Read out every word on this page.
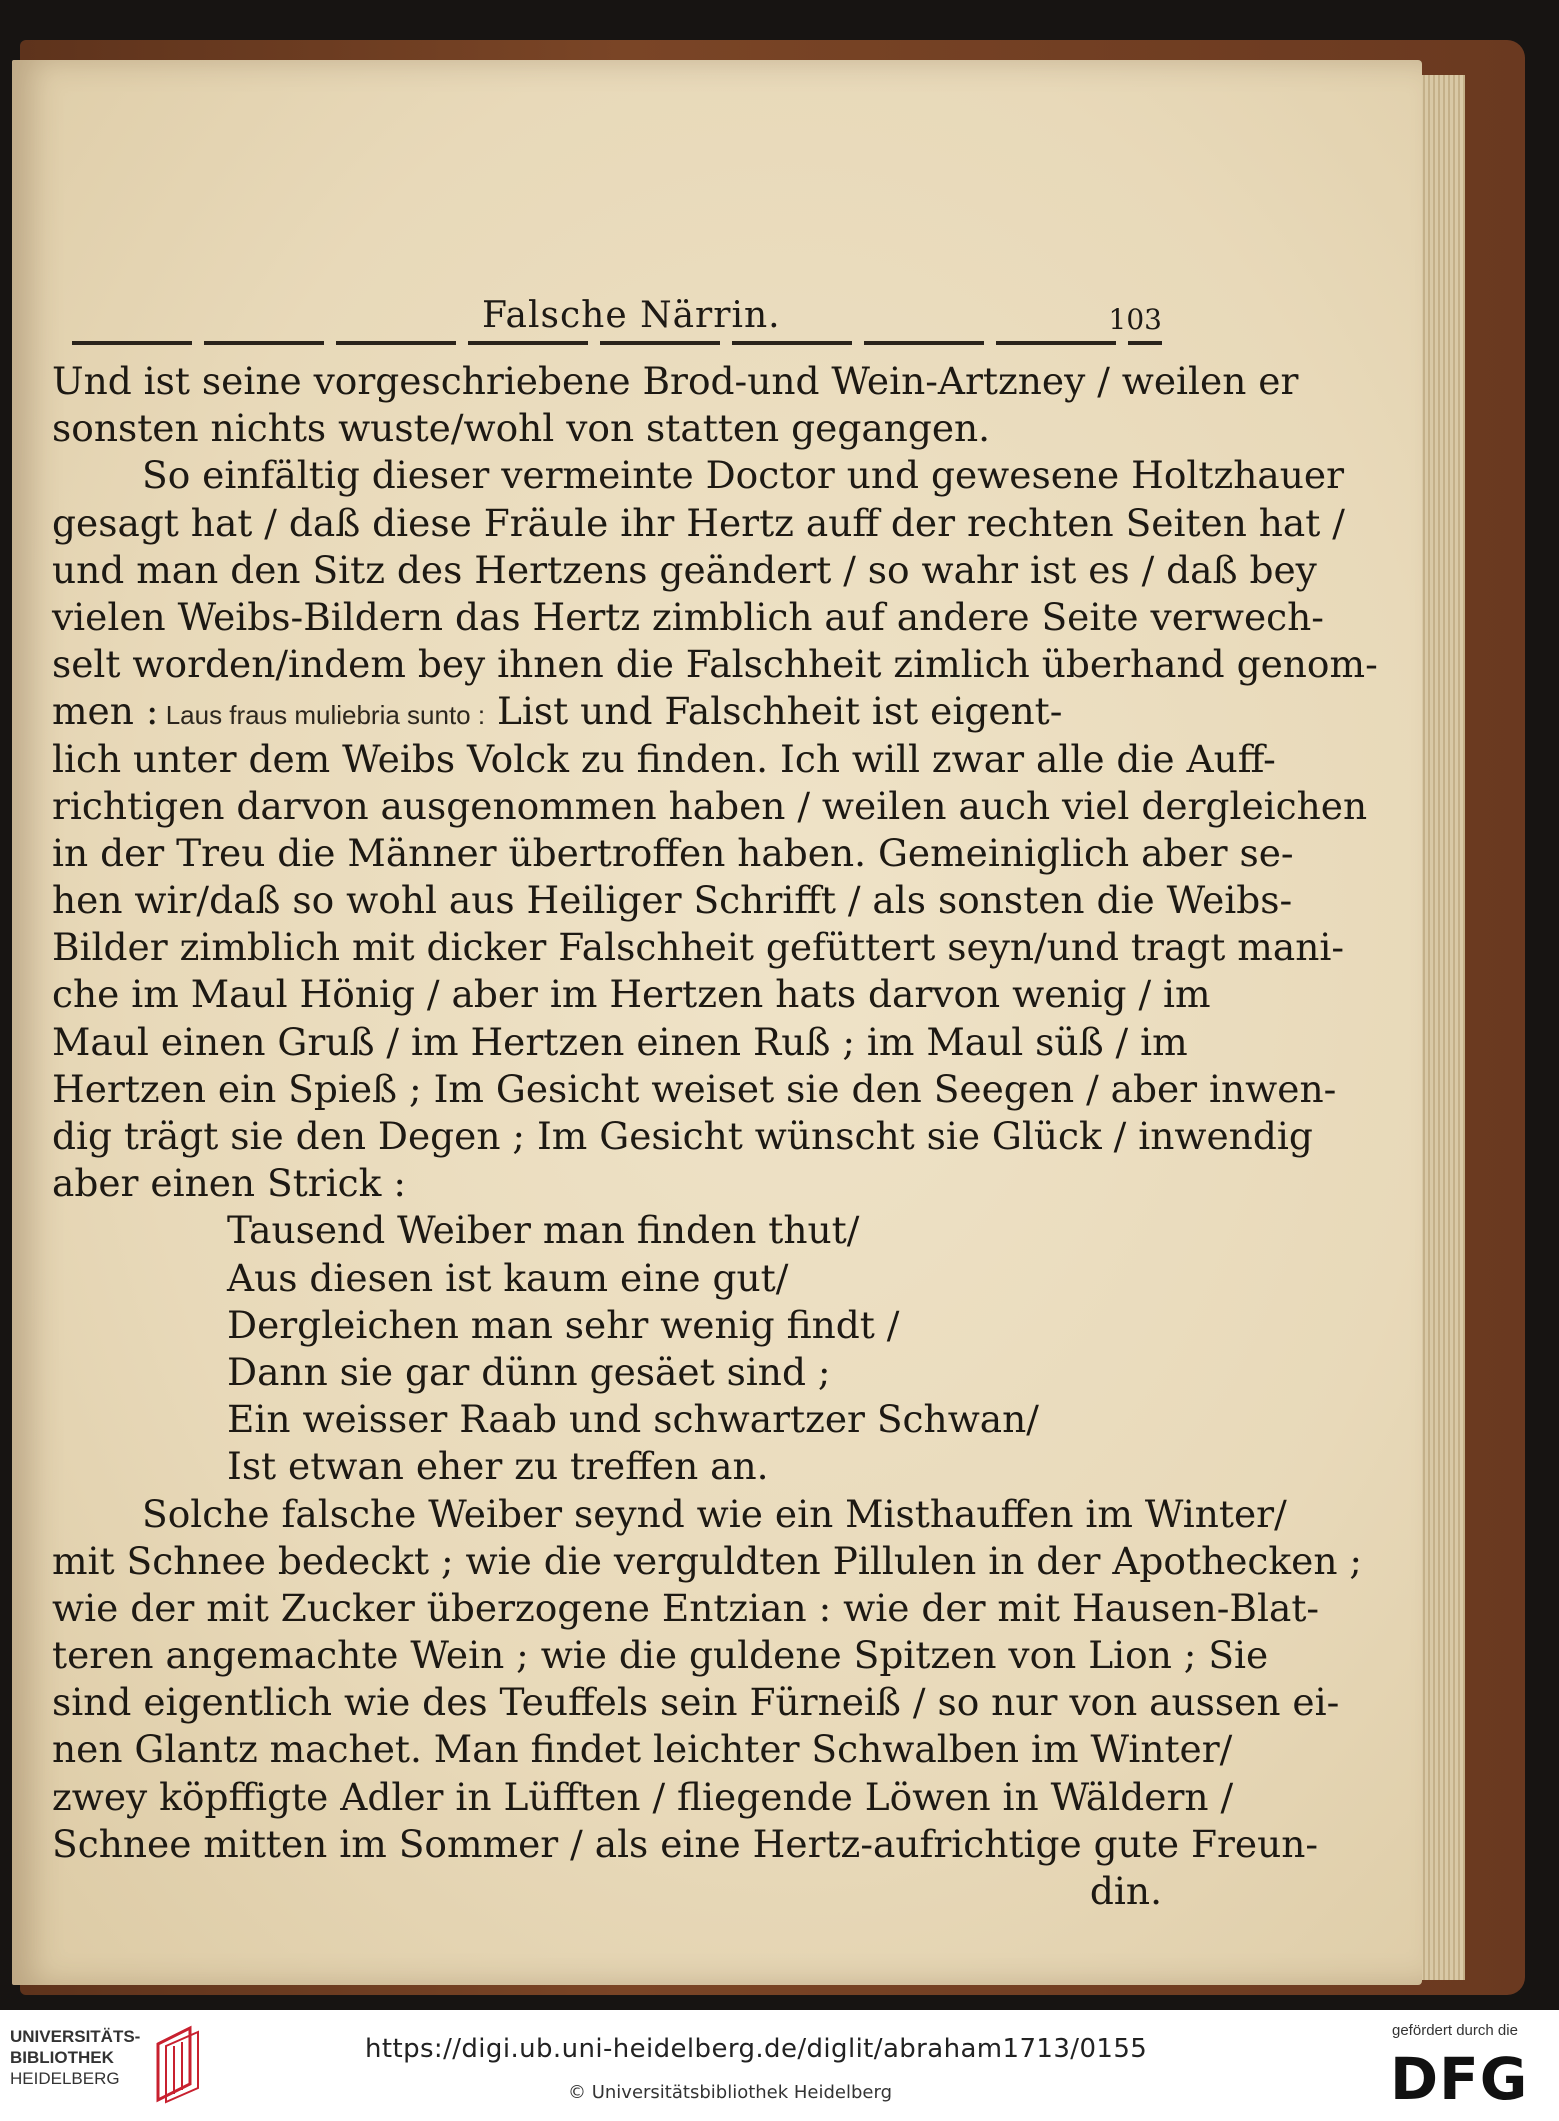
Falsche Närrin.	103
Und ist seine vorgeschriebene Brod-und Wein-Artzney / weilen er
sonsten nichts wuste/wohl von statten gegangen.
So einfältig dieser vermeinte Doctor und gewesene Holtzhauer
gesagt hat / daß diese Fräule ihr Hertz auff der rechten Seiten hat /
und man den Sitz des Hertzens geändert / so wahr ist es / daß bey
vielen Weibs-Bildern das Hertz zimblich auf andere Seite verwech-
selt worden/indem bey ihnen die Falschheit zimlich überhand genom-
men : Laus fraus muliebria sunto : List und Falschheit ist eigent-
lich unter dem Weibs Volck zu finden. Ich will zwar alle die Auff-
richtigen darvon ausgenommen haben / weilen auch viel dergleichen
in der Treu die Männer übertroffen haben. Gemeiniglich aber se-
hen wir/daß so wohl aus Heiliger Schrifft / als sonsten die Weibs-
Bilder zimblich mit dicker Falschheit gefüttert seyn/und tragt mani-
che im Maul Hönig / aber im Hertzen hats darvon wenig / im
Maul einen Gruß / im Hertzen einen Ruß ; im Maul süß / im
Hertzen ein Spieß ; Im Gesicht weiset sie den Seegen / aber inwen-
dig trägt sie den Degen ; Im Gesicht wünscht sie Glück / inwendig
aber einen Strick :
Tausend Weiber man finden thut/
Aus diesen ist kaum eine gut/
Dergleichen man sehr wenig findt /
Dann sie gar dünn gesäet sind ;
Ein weisser Raab und schwartzer Schwan/
Ist etwan eher zu treffen an.
Solche falsche Weiber seynd wie ein Misthauffen im Winter/
mit Schnee bedeckt ; wie die verguldten Pillulen in der Apothecken ;
wie der mit Zucker überzogene Entzian : wie der mit Hausen-Blat-
teren angemachte Wein ; wie die guldene Spitzen von Lion ; Sie
sind eigentlich wie des Teuffels sein Fürneiß / so nur von aussen ei-
nen Glantz machet. Man findet leichter Schwalben im Winter/
zwey köpffigte Adler in Lüfften / fliegende Löwen in Wäldern /
Schnee mitten im Sommer / als eine Hertz-aufrichtige gute Freun-
din.
UNIVERSITÄTS-
BIBLIOTHEK
HEIDELBERG
https://digi.ub.uni-heidelberg.de/diglit/abraham1713/0155
© Universitätsbibliothek Heidelberg
gefördert durch die
DFG
